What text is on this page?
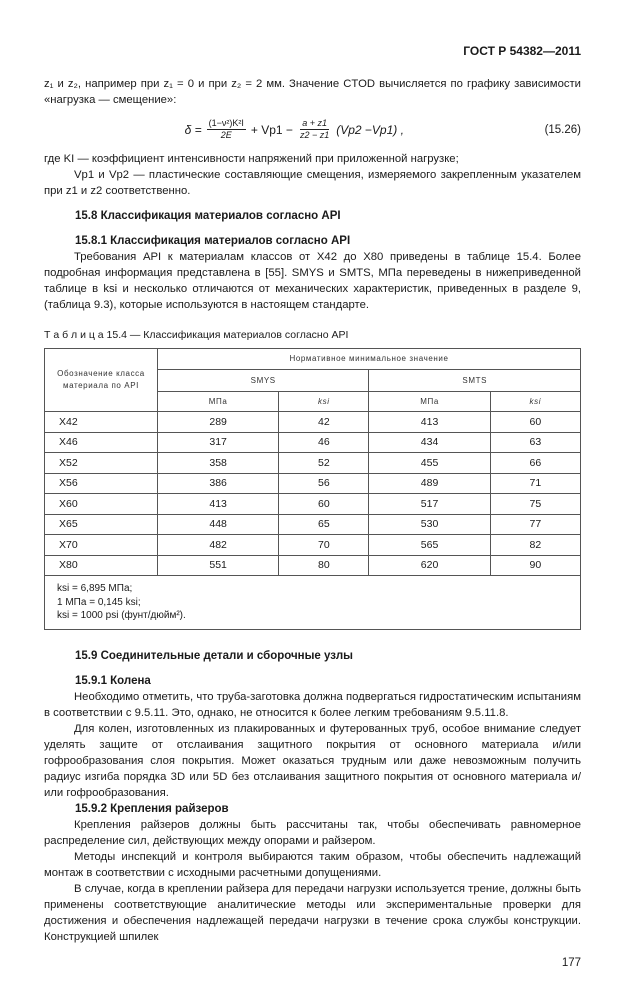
ГОСТ Р 54382—2011

z₁ и z₂, например при z₁ = 0 и при z₂ = 2 мм. Значение CTOD вычисляется по графику зависимости «нагрузка — смещение»:

$\delta = \frac{\text{(1−ν²)K²I}}{2E} + Vp1 - \frac{a + z1}{z2 - z1} (Vp2 -Vp1)$ ,	(15.26)

где KI — коэффициент интенсивности напряжений при приложенной нагрузке;

Vp1 и Vp2 — пластические составляющие смещения, измеряемого закрепленным указателем при z1 и z2 соответственно.

15.8 Классификация материалов согласно API
15.8.1 Классификация материалов согласно API

Требования API к материалам классов от X42 до X80 приведены в таблице 15.4. Более подробная информация представлена в [55]. SMYS и SMTS, МПа переведены в нижеприведенной таблице в ksi и несколько отличаются от механических характеристик, приведенных в разделе 9, (таблица 9.3), которые используются в настоящем стандарте.

Т а б л и ц а 15.4 — Классификация материалов согласно API
Обозначение класса материала по API	Нормативное минимальное значение			
	SMYS		SMTS	
	МПа	ksi	МПа	ksi
X42	289	42	413	60
X46	317	46	434	63
X52	358	52	455	66
X56	386	56	489	71
X60	413	60	517	75
X65	448	65	530	77
X70	482	70	565	82
X80	551	80	620	90

ksi = 6,895 МПа;
1 МПа = 0,145 ksi;
ksi = 1000 psi (фунт/дюйм²).				
15.9 Соединительные детали и сборочные узлы
15.9.1 Колена

Необходимо отметить, что труба-заготовка должна подвергаться гидростатическим испытаниям в соответствии с 9.5.11. Это, однако, не относится к более легким требованиям 9.5.11.8.

Для колен, изготовленных из плакированных и футерованных труб, особое внимание следует уделять защите от отслаивания защитного покрытия от основного материала и/или гофрообразования слоя покрытия. Может оказаться трудным или даже невозможным получить радиус изгиба порядка 3D или 5D без отслаивания защитного покрытия от основного материала и/или гофрообразования.

15.9.2 Крепления райзеров

Крепления райзеров должны быть рассчитаны так, чтобы обеспечивать равномерное распределение сил, действующих между опорами и райзером.

Методы инспекций и контроля выбираются таким образом, чтобы обеспечить надлежащий монтаж в соответствии с исходными расчетными допущениями.

В случае, когда в креплении райзера для передачи нагрузки используется трение, должны быть применены соответствующие аналитические методы или экспериментальные проверки для достижения и обеспечения надлежащей передачи нагрузки в течение срока службы конструкции. Конструкцией шпилек

177
